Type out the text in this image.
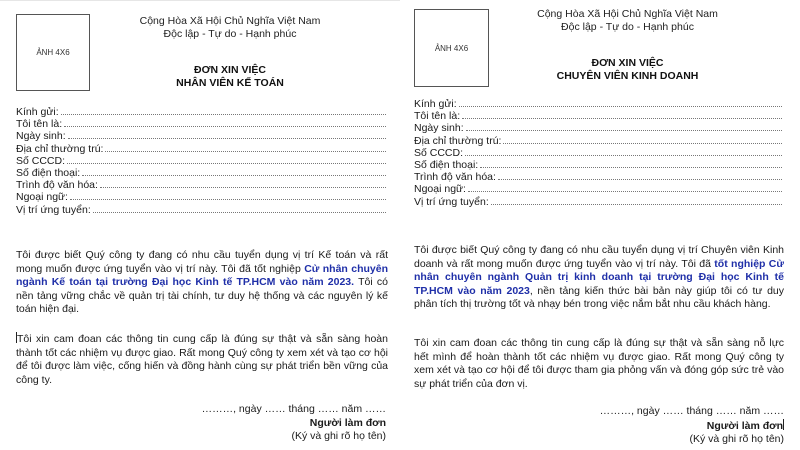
ẢNH 4X6
Cộng Hòa Xã Hội Chủ Nghĩa Việt Nam
Độc lập - Tự do - Hạnh phúc
ĐƠN XIN VIỆC
NHÂN VIÊN KẾ TOÁN
Kính gửi:
Tôi tên là:
Ngày sinh:
Địa chỉ thường trú:
Số CCCD:
Số điện thoại:
Trình độ văn hóa:
Ngoại ngữ:
Vị trí ứng tuyển:
Tôi được biết Quý công ty đang có nhu cầu tuyển dụng vị trí Kế toán và rất mong muốn được ứng tuyển vào vị trí này. Tôi đã tốt nghiệp Cử nhân chuyên ngành Kế toán tại trường Đại học Kinh tế TP.HCM vào năm 2023. Tôi có nền tảng vững chắc về quản trị tài chính, tư duy hệ thống và các nguyên lý kế toán hiện đại.
Tôi xin cam đoan các thông tin cung cấp là đúng sự thật và sẵn sàng hoàn thành tốt các nhiệm vụ được giao. Rất mong Quý công ty xem xét và tạo cơ hội để tôi được làm việc, cống hiến và đồng hành cùng sự phát triển bền vững của công ty.
………, ngày …… tháng …… năm ……
Người làm đơn
(Ký và ghi rõ họ tên)
ẢNH 4X6
Cộng Hòa Xã Hội Chủ Nghĩa Việt Nam
Độc lập - Tự do - Hạnh phúc
ĐƠN XIN VIỆC
CHUYÊN VIÊN KINH DOANH
Kính gửi:
Tôi tên là:
Ngày sinh:
Địa chỉ thường trú:
Số CCCD:
Số điện thoại:
Trình độ văn hóa:
Ngoại ngữ:
Vị trí ứng tuyển:
Tôi được biết Quý công ty đang có nhu cầu tuyển dụng vị trí Chuyên viên Kinh doanh và rất mong muốn được ứng tuyển vào vị trí này. Tôi đã tốt nghiệp Cử nhân chuyên ngành Quản trị kinh doanh tại trường Đại học Kinh tế TP.HCM vào năm 2023, nền tảng kiến thức bài bản này giúp tôi có tư duy phân tích thị trường tốt và nhạy bén trong việc nắm bắt nhu cầu khách hàng.
Tôi xin cam đoan các thông tin cung cấp là đúng sự thật và sẵn sàng nỗ lực hết mình để hoàn thành tốt các nhiệm vụ được giao. Rất mong Quý công ty xem xét và tạo cơ hội để tôi được tham gia phỏng vấn và đóng góp sức trẻ vào sự phát triển của đơn vị.
………, ngày …… tháng …… năm ……
Người làm đơn
(Ký và ghi rõ họ tên)
